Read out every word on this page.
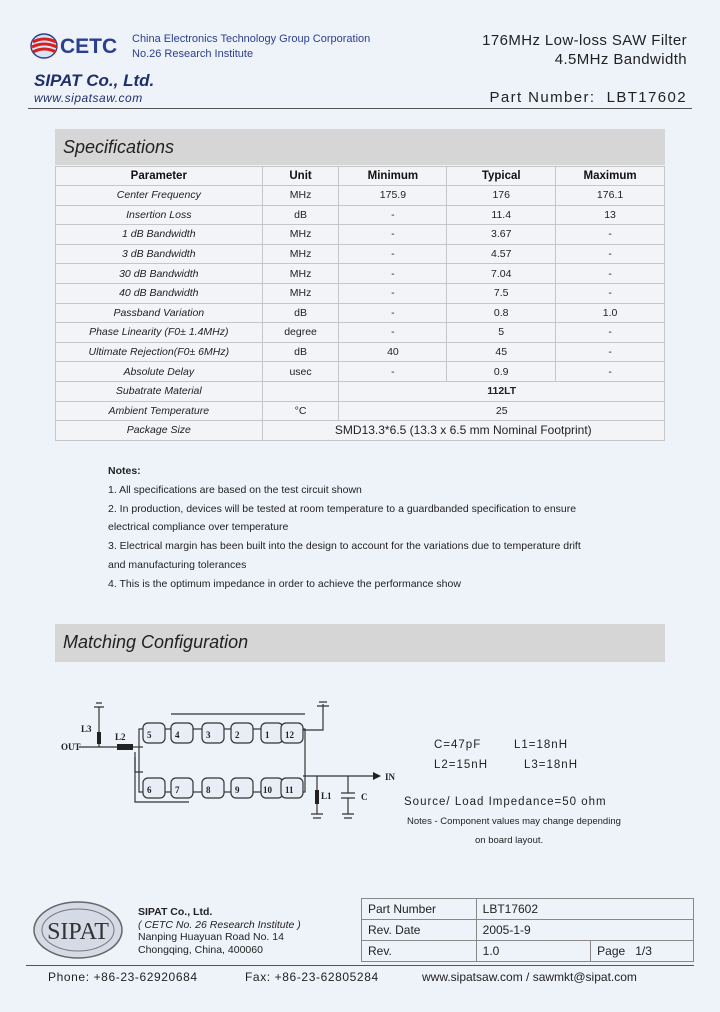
CETC China Electronics Technology Group Corporation
No.26 Research Institute
SIPAT Co., Ltd.
www.sipatsaw.com
176MHz Low-loss SAW Filter
4.5MHz Bandwidth
Part Number: LBT17602
Specifications
Parameter	Unit	Minimum	Typical	Maximum
Center Frequency	MHz	175.9	176	176.1
Insertion Loss	dB	-	11.4	13
1 dB Bandwidth	MHz	-	3.67	-
3 dB Bandwidth	MHz	-	4.57	-
30 dB Bandwidth	MHz	-	7.04	-
40 dB Bandwidth	MHz	-	7.5	-
Passband Variation	dB	-	0.8	1.0
Phase Linearity (F0± 1.4MHz)	degree	-	5	-
Ultimate Rejection(F0± 6MHz)	dB	40	45	-
Absolute Delay	usec	-	0.9	-
Subatrate Material		112LT		
Ambient Temperature	°C	25		
Package Size	SMD13.3*6.5 (13.3 x 6.5 mm Nominal Footprint)			
Notes:
1. All specifications are based on the test circuit shown
2. In production, devices will be tested at room temperature to a guardbanded specification to ensure
electrical compliance over temperature
3. Electrical margin has been built into the design to account for the variations due to temperature drift
and manufacturing tolerances
4. This is the optimum impedance in order to achieve the performance show
Matching Configuration
OUT
IN
L3
L2
L1	C
5	4	3	2	1 12
6	7	8	9	10 11
C=47pF	L1=18nH
L2=15nH	L3=18nH
Source/ Load Impedance=50 ohm
Notes - Component values may change depending
on board layout.
SIPAT
SIPAT Co., Ltd.
( CETC No. 26 Research Institute )
Nanping Huayuan Road No. 14
Chongqing, China, 400060
Part Number	LBT17602	
Rev. Date	2005-1-9	
Rev.	1.0	Page 1/3
Phone: +86-23-62920684	Fax: +86-23-62805284	www.sipatsaw.com / sawmkt@sipat.com
